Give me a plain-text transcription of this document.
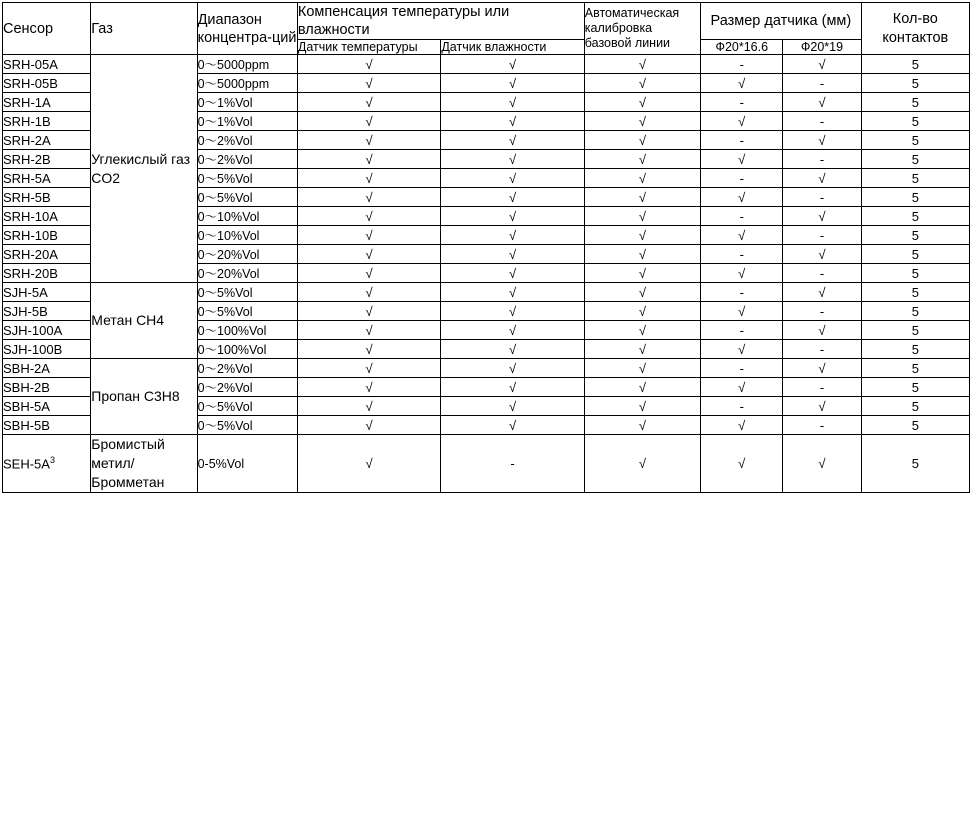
Сенсор	Газ	Диапазон концентра-ций	Компенсация температуры или влажности		Автоматическая калибровка базовой линии	Размер датчика (мм)		Кол-во контактов
			Датчик температуры	Датчик влажности		Ф20*16.6	Ф20*19	
SRH-05A	Углекислый газ CO2	0～5000ppm	√	√	√	-	√	5
SRH-05B		0～5000ppm	√	√	√	√	-	5
SRH-1A		0～1%Vol	√	√	√	-	√	5
SRH-1B		0～1%Vol	√	√	√	√	-	5
SRH-2A		0～2%Vol	√	√	√	-	√	5
SRH-2B		0～2%Vol	√	√	√	√	-	5
SRH-5A		0～5%Vol	√	√	√	-	√	5
SRH-5B		0～5%Vol	√	√	√	√	-	5
SRH-10A		0～10%Vol	√	√	√	-	√	5
SRH-10B		0～10%Vol	√	√	√	√	-	5
SRH-20A		0～20%Vol	√	√	√	-	√	5
SRH-20B		0～20%Vol	√	√	√	√	-	5
SJH-5A	Метан CH4	0～5%Vol	√	√	√	-	√	5
SJH-5B		0～5%Vol	√	√	√	√	-	5
SJH-100A		0～100%Vol	√	√	√	-	√	5
SJH-100B		0～100%Vol	√	√	√	√	-	5
SBH-2A	Пропан C3H8	0～2%Vol	√	√	√	-	√	5
SBH-2B		0～2%Vol	√	√	√	√	-	5
SBH-5A		0～5%Vol	√	√	√	-	√	5
SBH-5B		0～5%Vol	√	√	√	√	-	5
SEH-$5A^3$	Бромистый метил/ Бромметан	0-5%Vol	√	-	√	√	√	5
